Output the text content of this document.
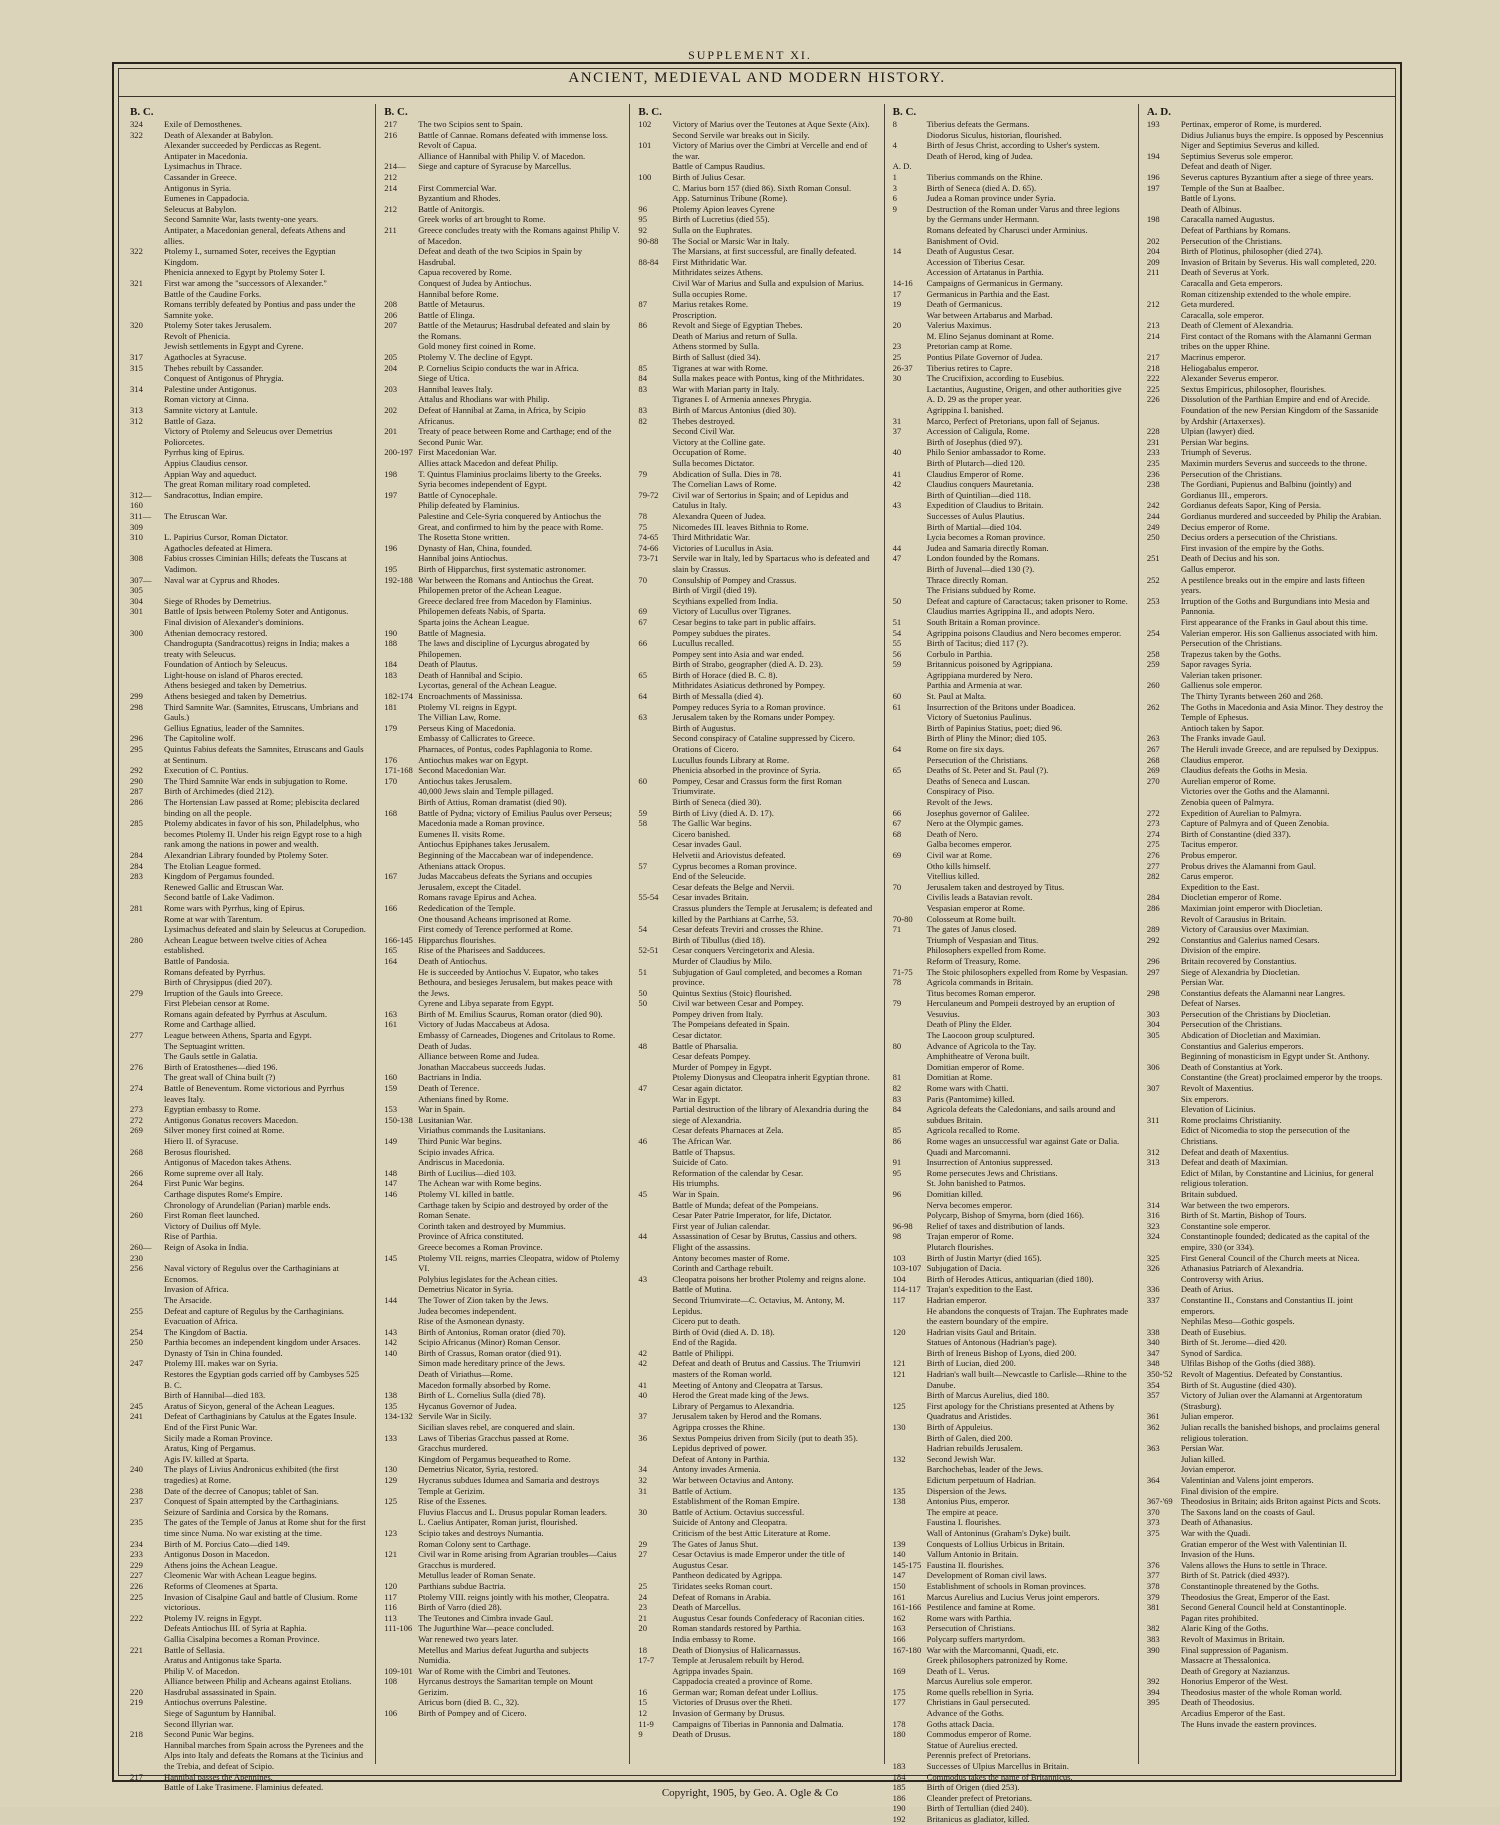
SUPPLEMENT XI.
ANCIENT, MEDIEVAL AND MODERN HISTORY.
B. C.
324	Exile of Demosthenes.
322	Death of Alexander at Babylon.
Alexander succeeded by Perdiccas as Regent.
Antipater in Macedonia.
Lysimachus in Thrace.
Cassander in Greece.
Antigonus in Syria.
Eumenes in Cappadocia.
Seleucus at Babylon.
Second Samnite War, lasts twenty-one years.
Antipater, a Macedonian general, defeats Athens and allies.
322	Ptolemy I., surnamed Soter, receives the Egyptian Kingdom.
Phenicia annexed to Egypt by Ptolemy Soter I.
321	First war among the "successors of Alexander."
Battle of the Caudine Forks.
Romans terribly defeated by Pontius and pass under the Samnite yoke.
320	Ptolemy Soter takes Jerusalem.
Revolt of Phenicia.
Jewish settlements in Egypt and Cyrene.
317	Agathocles at Syracuse.
315	Thebes rebuilt by Cassander.
Conquest of Antigonus of Phrygia.
314	Palestine under Antigonus.
Roman victory at Cinna.
313	Samnite victory at Lantule.
312	Battle of Gaza.
Victory of Ptolemy and Seleucus over Demetrius Poliorcetes.
Pyrrhus king of Epirus.
Appius Claudius censor.
Appian Way and aqueduct.
The great Roman military road completed.
312—160
Sandracottus, Indian empire.
311—309
The Etruscan War.
310	L. Papirius Cursor, Roman Dictator.
Agathocles defeated at Himera.
308	Fabius crosses Ciminian Hills; defeats the Tuscans at Vadimon.
307—305
Naval war at Cyprus and Rhodes.
304	Siege of Rhodes by Demetrius.
301	Battle of Ipsis between Ptolemy Soter and Antigonus.
Final division of Alexander's dominions.
300	Athenian democracy restored.
Chandrogupta (Sandracottus) reigns in India; makes a treaty with Seleucus.
Foundation of Antioch by Seleucus.
Light-house on island of Pharos erected.
Athens besieged and taken by Demetrius.
299	Athens besieged and taken by Demetrius.
298	Third Samnite War. (Samnites, Etruscans, Umbrians and Gauls.)
Gellius Egnatius, leader of the Samnites.
296	The Capitoline wolf.
295	Quintus Fabius defeats the Samnites, Etruscans and Gauls at Sentinum.
292	Execution of C. Pontius.
290	The Third Samnite War ends in subjugation to Rome.
287	Birth of Archimedes (died 212).
286	The Hortensian Law passed at Rome; plebiscita declared binding on all the people.
285	Ptolemy abdicates in favor of his son, Philadelphus, who becomes Ptolemy II. Under his reign Egypt rose to a high rank among the nations in power and wealth.
284	Alexandrian Library founded by Ptolemy Soter.
284	The Etolian League formed.
283	Kingdom of Pergamus founded.
Renewed Gallic and Etruscan War.
Second battle of Lake Vadimon.
281	Rome wars with Pyrrhus, king of Epirus.
Rome at war with Tarentum.
Lysimachus defeated and slain by Seleucus at Corupedion.
280	Achean League between twelve cities of Achea established.
Battle of Pandosia.
Romans defeated by Pyrrhus.
Birth of Chrysippus (died 207).
279	Irruption of the Gauls into Greece.
First Plebeian censor at Rome.
Romans again defeated by Pyrrhus at Asculum.
Rome and Carthage allied.
277	League between Athens, Sparta and Egypt.
The Septuagint written.
The Gauls settle in Galatia.
276	Birth of Eratosthenes—died 196.
The great wall of China built (?)
274	Battle of Beneventum. Rome victorious and Pyrrhus leaves Italy.
273	Egyptian embassy to Rome.
272	Antigonus Gonatus recovers Macedon.
269	Silver money first coined at Rome.
Hiero II. of Syracuse.
268	Berosus flourished.
Antigonus of Macedon takes Athens.
266	Rome supreme over all Italy.
264	First Punic War begins.
Carthage disputes Rome's Empire.
Chronology of Arundelian (Parian) marble ends.
260	First Roman fleet launched.
Victory of Duilius off Myle.
Rise of Parthia.
260—230
Reign of Asoka in India.
256	Naval victory of Regulus over the Carthaginians at Ecnomos.
Invasion of Africa.
The Arsacide.
255	Defeat and capture of Regulus by the Carthaginians.
Evacuation of Africa.
254	The Kingdom of Bactia.
250	Parthia becomes an independent kingdom under Arsaces.
Dynasty of Tsin in China founded.
247	Ptolemy III. makes war on Syria.
Restores the Egyptian gods carried off by Cambyses 525 B. C.
Birth of Hannibal—died 183.
245	Aratus of Sicyon, general of the Achean Leagues.
241	Defeat of Carthaginians by Catulus at the Egates Insule.
End of the First Punic War.
Sicily made a Roman Province.
Aratus, King of Pergamus.
Agis IV. killed at Sparta.
240	The plays of Livius Andronicus exhibited (the first tragedies) at Rome.
238	Date of the decree of Canopus; tablet of San.
237	Conquest of Spain attempted by the Carthaginians.
Seizure of Sardinia and Corsica by the Romans.
235	The gates of the Temple of Janus at Rome shut for the first time since Numa. No war existing at the time.
234	Birth of M. Porcius Cato—died 149.
233	Antigonus Doson in Macedon.
229	Athens joins the Achean League.
227	Cleomenic War with Achean League begins.
226	Reforms of Cleomenes at Sparta.
225	Invasion of Cisalpine Gaul and battle of Clusium. Rome victorious.
222	Ptolemy IV. reigns in Egypt.
Defeats Antiochus III. of Syria at Raphia.
Gallia Cisalpina becomes a Roman Province.
221	Battle of Sellasia.
Aratus and Antigonus take Sparta.
Philip V. of Macedon.
Alliance between Philip and Acheans against Etolians.
220	Hasdrubal assassinated in Spain.
219	Antiochus overruns Palestine.
Siege of Saguntum by Hannibal.
Second Illyrian war.
218	Second Punic War begins.
Hannibal marches from Spain across the Pyrenees and the Alps into Italy and defeats the Romans at the Ticinius and the Trebia, and defeat of Scipio.
217	Hannibal passes the Apennines.
Battle of Lake Trasimene. Flaminius defeated.
B. C.
217	The two Scipios sent to Spain.
216	Battle of Cannae. Romans defeated with immense loss.
Revolt of Capua.
Alliance of Hannibal with Philip V. of Macedon.
214—212
Siege and capture of Syracuse by Marcellus.
214	First Commercial War.
Byzantium and Rhodes.
212	Battle of Anitorgis.
Greek works of art brought to Rome.
211	Greece concludes treaty with the Romans against Philip V. of Macedon.
Defeat and death of the two Scipios in Spain by Hasdrubal.
Capua recovered by Rome.
Conquest of Judea by Antiochus.
Hannibal before Rome.
208	Battle of Metaurus.
206	Battle of Elinga.
207	Battle of the Metaurus; Hasdrubal defeated and slain by the Romans.
Gold money first coined in Rome.
205	Ptolemy V. The decline of Egypt.
204	P. Cornelius Scipio conducts the war in Africa.
Siege of Utica.
203	Hannibal leaves Italy.
Attalus and Rhodians war with Philip.
202	Defeat of Hannibal at Zama, in Africa, by Scipio Africanus.
201	Treaty of peace between Rome and Carthage; end of the Second Punic War.
200-197 First Macedonian War.
Allies attack Macedon and defeat Philip.
198	T. Quintus Flaminius proclaims liberty to the Greeks.
Syria becomes independent of Egypt.
197	Battle of Cynocephale.
Philip defeated by Flaminius.
Palestine and Cele-Syria conquered by Antiochus the Great, and confirmed to him by the peace with Rome.
The Rosetta Stone written.
196	Dynasty of Han, China, founded.
Hannibal joins Antiochus.
195	Birth of Hipparchus, first systematic astronomer.
192-188 War between the Romans and Antiochus the Great.
Philopemen pretor of the Achean League.
Greece declared free from Macedon by Flaminius.
Philopemen defeats Nabis, of Sparta.
Sparta joins the Achean League.
190	Battle of Magnesia.
188	The laws and discipline of Lycurgus abrogated by Philopemen.
184	Death of Plautus.
183	Death of Hannibal and Scipio.
Lycortas, general of the Achean League.
182-174 Encroachments of Massinissa.
181	Ptolemy VI. reigns in Egypt.
The Villian Law, Rome.
179	Perseus King of Macedonia.
Embassy of Callicrates to Greece.
Pharnaces, of Pontus, codes Paphlagonia to Rome.
176	Antiochus makes war on Egypt.
171-168 Second Macedonian War.
170	Antiochus takes Jerusalem.
40,000 Jews slain and Temple pillaged.
Birth of Attius, Roman dramatist (died 90).
168	Battle of Pydna; victory of Emilius Paulus over Perseus; Macedonia made a Roman province.
Eumenes II. visits Rome.
Antiochus Epiphanes takes Jerusalem.
Beginning of the Maccabean war of independence.
Athenians attack Oropus.
167	Judas Maccabeus defeats the Syrians and occupies Jerusalem, except the Citadel.
Romans ravage Epirus and Achea.
166	Rededication of the Temple.
One thousand Acheans imprisoned at Rome.
First comedy of Terence performed at Rome.
166-145 Hipparchus flourishes.
165	Rise of the Pharisees and Sadducees.
164	Death of Antiochus.
He is succeeded by Antiochus V. Eupator, who takes Bethoura, and besieges Jerusalem, but makes peace with the Jews.
Cyrene and Libya separate from Egypt.
163	Birth of M. Emilius Scaurus, Roman orator (died 90).
161	Victory of Judas Maccabeus at Adosa.
Embassy of Carneades, Diogenes and Critolaus to Rome.
Death of Judas.
Alliance between Rome and Judea.
Jonathan Maccabeus succeeds Judas.
160	Bactrians in India.
159	Death of Terence.
Athenians fined by Rome.
153	War in Spain.
150-138 Lusitanian War.
Viriathus commands the Lusitanians.
149	Third Punic War begins.
Scipio invades Africa.
Andriscus in Macedonia.
148	Birth of Lucilius—died 103.
147	The Achean war with Rome begins.
146	Ptolemy VI. killed in battle.
Carthage taken by Scipio and destroyed by order of the Roman Senate.
Corinth taken and destroyed by Mummius.
Province of Africa constituted.
Greece becomes a Roman Province.
145	Ptolemy VII. reigns, marries Cleopatra, widow of Ptolemy VI.
Polybius legislates for the Achean cities.
Demetrius Nicator in Syria.
144	The Tower of Zion taken by the Jews.
Judea becomes independent.
Rise of the Asmonean dynasty.
143	Birth of Antonius, Roman orator (died 70).
142	Scipio Africanus (Minor) Roman Censor.
140	Birth of Crassus, Roman orator (died 91).
Simon made hereditary prince of the Jews.
Death of Viriathus—Rome.
Macedon formally absorbed by Rome.
138	Birth of L. Cornelius Sulla (died 78).
135	Hycanus Governor of Judea.
134-132 Servile War in Sicily.
Sicilian slaves rebel, are conquered and slain.
133	Laws of Tiberias Gracchus passed at Rome.
Gracchus murdered.
Kingdom of Pergamus bequeathed to Rome.
130	Demetrius Nicator, Syria, restored.
129	Hycranus subdues Idumea and Samaria and destroys Temple at Gerizim.
125	Rise of the Essenes.
Fluvius Flaccus and L. Drusus popular Roman leaders.
L. Caelius Antipater, Roman jurist, flourished.
123	Scipio takes and destroys Numantia.
Roman Colony sent to Carthage.
121	Civil war in Rome arising from Agrarian troubles—Caius Gracchus is murdered.
Metullus leader of Roman Senate.
120	Parthians subdue Bactria.
117	Ptolemy VIII. reigns jointly with his mother, Cleopatra.
116	Birth of Varro (died 28).
113	The Teutones and Cimbra invade Gaul.
111-106 The Jugurthine War—peace concluded.
War renewed two years later.
Metellus and Marius defeat Jugurtha and subjects Numidia.
109-101 War of Rome with the Cimbri and Teutones.
108	Hyrcanus destroys the Samaritan temple on Mount Gerizim.
Atricus born (died B. C., 32).
106	Birth of Pompey and of Cicero.
B. C.
102	Victory of Marius over the Teutones at Aque Sexte (Aix).
Second Servile war breaks out in Sicily.
101	Victory of Marius over the Cimbri at Vercelle and end of the war.
Battle of Campus Raudius.
100	Birth of Julius Cesar.
C. Marius born 157 (died 86). Sixth Roman Consul.
App. Saturninus Tribune (Rome).
96	Ptolemy Apion leaves Cyrene
95	Birth of Lucretius (died 55).
92	Sulla on the Euphrates.
90-88	The Social or Marsic War in Italy.
The Marsians, at first successful, are finally defeated.
88-84	First Mithridatic War.
Mithridates seizes Athens.
Civil War of Marius and Sulla and expulsion of Marius.
Sulla occupies Rome.
87	Marius retakes Rome.
Proscription.
86	Revolt and Siege of Egyptian Thebes.
Death of Marius and return of Sulla.
Athens stormed by Sulla.
Birth of Sallust (died 34).
85	Tigranes at war with Rome.
84	Sulla makes peace with Pontus, king of the Mithridates.
83	War with Marian party in Italy.
Tigranes I. of Armenia annexes Phrygia.
83	Birth of Marcus Antonius (died 30).
82	Thebes destroyed.
Second Civil War.
Victory at the Colline gate.
Occupation of Rome.
Sulla becomes Dictator.
79	Abdication of Sulla. Dies in 78.
The Cornelian Laws of Rome.
79-72	Civil war of Sertorius in Spain; and of Lepidus and Catulus in Italy.
78	Alexandra Queen of Judea.
75	Nicomedes III. leaves Bithnia to Rome.
74-65	Third Mithridatic War.
74-66	Victories of Lucullus in Asia.
73-71	Servile war in Italy, led by Spartacus who is defeated and slain by Crassus.
70	Consulship of Pompey and Crassus.
Birth of Virgil (died 19).
Scythians expelled from India.
69	Victory of Lucullus over Tigranes.
67	Cesar begins to take part in public affairs.
Pompey subdues the pirates.
66	Lucullus recalled.
Pompey sent into Asia and war ended.
Birth of Strabo, geographer (died A. D. 23).
65	Birth of Horace (died B. C. 8).
Mithridates Asiaticus dethroned by Pompey.
64	Birth of Messalla (died 4).
Pompey reduces Syria to a Roman province.
63	Jerusalem taken by the Romans under Pompey.
Birth of Augustus.
Second conspiracy of Cataline suppressed by Cicero.
Orations of Cicero.
Lucullus founds Library at Rome.
Phenicia absorbed in the province of Syria.
60	Pompey, Cesar and Crassus form the first Roman Triumvirate.
Birth of Seneca (died 30).
59	Birth of Livy (died A. D. 17).
58	The Gallic War begins.
Cicero banished.
Cesar invades Gaul.
Helvetii and Ariovistus defeated.
57	Cyprus becomes a Roman province.
End of the Seleucide.
Cesar defeats the Belge and Nervii.
55-54	Cesar invades Britain.
Crassus plunders the Temple at Jerusalem; is defeated and killed by the Parthians at Carrhe, 53.
54	Cesar defeats Treviri and crosses the Rhine.
Birth of Tibullus (died 18).
52-51	Cesar conquers Vercingetorix and Alesia.
Murder of Claudius by Milo.
51	Subjugation of Gaul completed, and becomes a Roman province.
50	Quintus Sextius (Stoic) flourished.
50	Civil war between Cesar and Pompey.
Pompey driven from Italy.
The Pompeians defeated in Spain.
Cesar dictator.
48	Battle of Pharsalia.
Cesar defeats Pompey.
Murder of Pompey in Egypt.
Ptolemy Dionysus and Cleopatra inherit Egyptian throne.
47	Cesar again dictator.
War in Egypt.
Partial destruction of the library of Alexandria during the siege of Alexandria.
Cesar defeats Pharnaces at Zela.
46	The African War.
Battle of Thapsus.
Suicide of Cato.
Reformation of the calendar by Cesar.
His triumphs.
45	War in Spain.
Battle of Munda; defeat of the Pompeians.
Cesar Pater Patrie Imperator, for life, Dictator.
First year of Julian calendar.
44	Assassination of Cesar by Brutus, Cassius and others. Flight of the assassins.
Antony becomes master of Rome.
Corinth and Carthage rebuilt.
43	Cleopatra poisons her brother Ptolemy and reigns alone.
Battle of Mutina.
Second Triumvirate—C. Octavius, M. Antony, M. Lepidus.
Cicero put to death.
Birth of Ovid (died A. D. 18).
End of the Ragida.
42	Battle of Philippi.
42	Defeat and death of Brutus and Cassius. The Triumviri masters of the Roman world.
41	Meeting of Antony and Cleopatra at Tarsus.
40	Herod the Great made king of the Jews.
Library of Pergamus to Alexandria.
37	Jerusalem taken by Herod and the Romans.
Agrippa crosses the Rhine.
36	Sextus Pompeius driven from Sicily (put to death 35).
Lepidus deprived of power.
Defeat of Antony in Parthia.
34	Antony invades Armenia.
32	War between Octavius and Antony.
31	Battle of Actium.
Establishment of the Roman Empire.
30	Battle of Actium. Octavius successful.
Suicide of Antony and Cleopatra.
Criticism of the best Attic Literature at Rome.
29	The Gates of Janus Shut.
27	Cesar Octavius is made Emperor under the title of Augustus Cesar.
Pantheon dedicated by Agrippa.
25	Tiridates seeks Roman court.
24	Defeat of Romans in Arabia.
23	Death of Marcellus.
21	Augustus Cesar founds Confederacy of Raconian cities.
20	Roman standards restored by Parthia.
India embassy to Rome.
18	Death of Dionysius of Halicarnassus.
17-7	Temple at Jerusalem rebuilt by Herod.
Agrippa invades Spain.
Cappadocia created a province of Rome.
16	German war; Roman defeat under Lollius.
15	Victories of Drusus over the Rheti.
12	Invasion of Germany by Drusus.
11-9	Campaigns of Tiberias in Pannonia and Dalmatia.
9	Death of Drusus.
B. C.
8	Tiberius defeats the Germans.
Diodorus Siculus, historian, flourished.
4	Birth of Jesus Christ, according to Usher's system.
Death of Herod, king of Judea.
A. D.
1	Tiberius commands on the Rhine.
3	Birth of Seneca (died A. D. 65).
6	Judea a Roman province under Syria.
9	Destruction of the Roman under Varus and three legions by the Germans under Hermann.
Romans defeated by Charusci under Arminius.
Banishment of Ovid.
14	Death of Augustus Cesar.
Accession of Tiberius Cesar.
Accession of Artatanus in Parthia.
14-16	Campaigns of Germanicus in Germany.
17	Germanicus in Parthia and the East.
19	Death of Germanicus.
War between Artabarus and Marbad.
20	Valerius Maximus.
M. Elino Sejanus dominant at Rome.
23	Pretorian camp at Rome.
25	Pontius Pilate Governor of Judea.
26-37	Tiberius retires to Capre.
30	The Crucifixion, according to Eusebius.
Lactantius, Augustine, Origen, and other authorities give A. D. 29 as the proper year.
Agrippina I. banished.
31	Marco, Perfect of Pretorians, upon fall of Sejanus.
37	Accession of Caligula, Rome.
Birth of Josephus (died 97).
40	Philo Senior ambassador to Rome.
Birth of Plutarch—died 120.
41	Claudius Emperor of Rome.
42	Claudius conquers Mauretania.
Birth of Quintilian—died 118.
43	Expedition of Claudius to Britain.
Successes of Aulus Plautius.
Birth of Martial—died 104.
Lycia becomes a Roman province.
44	Judea and Samaria directly Roman.
47	London founded by the Romans.
Birth of Juvenal—died 130 (?).
Thrace directly Roman.
The Frisians subdued by Rome.
50	Defeat and capture of Caractacus; taken prisoner to Rome.
Claudius marries Agrippina II., and adopts Nero.
51	South Britain a Roman province.
54	Agrippina poisons Claudius and Nero becomes emperor.
55	Birth of Tacitus; died 117 (?).
56	Corbulo in Parthia.
59	Britannicus poisoned by Agrippiana.
Agrippiana murdered by Nero.
Parthia and Armenia at war.
60	St. Paul at Malta.
61	Insurrection of the Britons under Boadicea.
Victory of Suetonius Paulinus.
Birth of Papinius Statius, poet; died 96.
Birth of Pliny the Minor; died 105.
64	Rome on fire six days.
Persecution of the Christians.
65	Deaths of St. Peter and St. Paul (?).
Deaths of Seneca and Luscan.
Conspiracy of Piso.
Revolt of the Jews.
66	Josephus governor of Galilee.
67	Nero at the Olympic games.
68	Death of Nero.
Galba becomes emperor.
69	Civil war at Rome.
Otho kills himself.
Vitellius killed.
70	Jerusalem taken and destroyed by Titus.
Civilis leads a Batavian revolt.
Vespasian emperor at Rome.
70-80	Colosseum at Rome built.
71	The gates of Janus closed.
Triumph of Vespasian and Titus.
Philosophers expelled from Rome.
Reform of Treasury, Rome.
71-75	The Stoic philosophers expelled from Rome by Vespasian.
78	Agricola commands in Britain.
Titus becomes Roman emperor.
79	Herculaneum and Pompeii destroyed by an eruption of Vesuvius.
Death of Pliny the Elder.
The Laocoon group sculptured.
80	Advance of Agricola to the Tay.
Amphitheatre of Verona built.
Domitian emperor of Rome.
81	Domitian at Rome.
82	Rome wars with Chatti.
83	Paris (Pantomime) killed.
84	Agricola defeats the Caledonians, and sails around and subdues Britain.
85	Agricola recalled to Rome.
86	Rome wages an unsuccessful war against Gate or Dalia.
Quadi and Marcomanni.
91	Insurrection of Antonius suppressed.
95	Rome persecutes Jews and Christians.
St. John banished to Patmos.
96	Domitian killed.
Nerva becomes emperor.
Polycarp, Bishop of Smyrna, born (died 166).
96-98	Relief of taxes and distribution of lands.
98	Trajan emperor of Rome.
Plutarch flourishes.
103	Birth of Justin Martyr (died 165).
103-107 Subjugation of Dacia.
104	Birth of Herodes Atticus, antiquarian (died 180).
114-117 Trajan's expedition to the East.
117	Hadrian emperor.
He abandons the conquests of Trajan. The Euphrates made the eastern boundary of the empire.
120	Hadrian visits Gaul and Britain.
Statues of Antonous (Hadrian's page).
Birth of Ireneus Bishop of Lyons, died 200.
121	Birth of Lucian, died 200.
121	Hadrian's wall built—Newcastle to Carlisle—Rhine to the Danube.
Birth of Marcus Aurelius, died 180.
125	First apology for the Christians presented at Athens by Quadratus and Aristides.
130	Birth of Appuleius.
Birth of Galen, died 200.
Hadrian rebuilds Jerusalem.
132	Second Jewish War.
Barchochebas, leader of the Jews.
Edictum perpetuum of Hadrian.
135	Dispersion of the Jews.
138	Antonius Pius, emperor.
The empire at peace.
Faustina I. flourishes.
Wall of Antoninus (Graham's Dyke) built.
139	Conquests of Lollius Urbicus in Britain.
140	Vallum Antonio in Britain.
145-175 Faustina II. flourishes.
147	Development of Roman civil laws.
150	Establishment of schools in Roman provinces.
161	Marcus Aurelius and Lucius Verus joint emperors.
161-166 Pestilence and famine at Rome.
162	Rome wars with Parthia.
163	Persecution of Christians.
166	Polycarp suffers martyrdom.
167-180 War with the Marcomanni, Quadi, etc.
Greek philosophers patronized by Rome.
169	Death of L. Verus.
Marcus Aurelius sole emperor.
175	Rome quells rebellion in Syria.
177	Christians in Gaul persecuted.
Advance of the Goths.
178	Goths attack Dacia.
180	Commodus emperor of Rome.
Statue of Aurelius erected.
Perennis prefect of Pretorians.
183	Successes of Ulpius Marcellus in Britain.
184	Commodus takes the name of Britannicus.
185	Birth of Origen (died 253).
186	Cleander prefect of Pretorians.
190	Birth of Tertullian (died 240).
192	Britanicus as gladiator, killed.
A. D.
193	Pertinax, emperor of Rome, is murdered.
Didius Julianus buys the empire. Is opposed by Pescennius Niger and Septimius Severus and killed.
194	Septimius Severus sole emperor.
Defeat and death of Niger.
196	Severus captures Byzantium after a siege of three years.
197	Temple of the Sun at Baalbec.
Battle of Lyons.
Death of Albinus.
198	Caracalla named Augustus.
Defeat of Parthians by Romans.
202	Persecution of the Christians.
204	Birth of Plotinus, philosopher (died 274).
209	Invasion of Britain by Severus. His wall completed, 220.
211	Death of Severus at York.
Caracalla and Geta emperors.
Roman citizenship extended to the whole empire.
212	Geta murdered.
Caracalla, sole emperor.
213	Death of Clement of Alexandria.
214	First contact of the Romans with the Alamanni German tribes on the upper Rhine.
217	Macrinus emperor.
218	Heliogabalus emperor.
222	Alexander Severus emperor.
225	Sextus Empiricus, philosopher, flourishes.
226	Dissolution of the Parthian Empire and end of Arecide.
Foundation of the new Persian Kingdom of the Sassanide by Ardshir (Artaxerxes).
228	Ulpian (lawyer) died.
231	Persian War begins.
233	Triumph of Severus.
235	Maximin murders Severus and succeeds to the throne.
236	Persecution of the Christians.
238	The Gordiani, Pupienus and Balbinu (jointly) and Gordianus III., emperors.
242	Gordianus defeats Sapor, King of Persia.
244	Gordianus murdered and succeeded by Philip the Arabian.
249	Decius emperor of Rome.
250	Decius orders a persecution of the Christians.
First invasion of the empire by the Goths.
251	Death of Decius and his son.
Gallus emperor.
252	A pestilence breaks out in the empire and lasts fifteen years.
253	Irruption of the Goths and Burgundians into Mesia and Pannonia.
First appearance of the Franks in Gaul about this time.
254	Valerian emperor. His son Gallienus associated with him.
Persecution of the Christians.
258	Trapezus taken by the Goths.
259	Sapor ravages Syria.
Valerian taken prisoner.
260	Gallienus sole emperor.
The Thirty Tyrants between 260 and 268.
262	The Goths in Macedonia and Asia Minor. They destroy the Temple of Ephesus.
Antioch taken by Sapor.
263	The Franks invade Gaul.
267	The Heruli invade Greece, and are repulsed by Dexippus.
268	Claudius emperor.
269	Claudius defeats the Goths in Mesia.
270	Aurelian emperor of Rome.
Victories over the Goths and the Alamanni.
Zenobia queen of Palmyra.
272	Expedition of Aurelian to Palmyra.
273	Capture of Palmyra and of Queen Zenobia.
274	Birth of Constantine (died 337).
275	Tacitus emperor.
276	Probus emperor.
277	Probus drives the Alamanni from Gaul.
282	Carus emperor.
Expedition to the East.
284	Diocletian emperor of Rome.
286	Maximian joint emperor with Diocletian.
Revolt of Carausius in Britain.
289	Victory of Carausius over Maximian.
292	Constantius and Galerius named Cesars.
Division of the empire.
296	Britain recovered by Constantius.
297	Siege of Alexandria by Diocletian.
Persian War.
298	Constantius defeats the Alamanni near Langres.
Defeat of Narses.
303	Persecution of the Christians by Diocletian.
304	Persecution of the Christians.
305	Abdication of Diocletian and Maximian.
Constantius and Galerius emperors.
Beginning of monasticism in Egypt under St. Anthony.
306	Death of Constantius at York.
Constantine (the Great) proclaimed emperor by the troops.
307	Revolt of Maxentius.
Six emperors.
Elevation of Licinius.
311	Rome proclaims Christianity.
Edict of Nicomedia to stop the persecution of the Christians.
312	Defeat and death of Maxentius.
313	Defeat and death of Maximian.
Edict of Milan, by Constantine and Licinius, for general religious toleration.
Britain subdued.
314	War between the two emperors.
316	Birth of St. Martin, Bishop of Tours.
323	Constantine sole emperor.
324	Constantinople founded; dedicated as the capital of the empire, 330 (or 334).
325	First General Council of the Church meets at Nicea.
326	Athanasius Patriarch of Alexandria.
Controversy with Arius.
336	Death of Arius.
337	Constantine II., Constans and Constantius II. joint emperors.
Nephilas Meso—Gothic gospels.
338	Death of Eusebius.
340	Birth of St. Jerome—died 420.
347	Synod of Sardica.
348	Ulfilas Bishop of the Goths (died 388).
350-'52 Revolt of Magentius. Defeated by Constantius.
354	Birth of St. Augustine (died 430).
357	Victory of Julian over the Alamanni at Argentoratum (Strasburg).
361	Julian emperor.
362	Julian recalls the banished bishops, and proclaims general religious toleration.
363	Persian War.
Julian killed.
Jovian emperor.
364	Valentinian and Valens joint emperors.
Final division of the empire.
367-'69 Theodosius in Britain; aids Briton against Picts and Scots.
370	The Saxons land on the coasts of Gaul.
373	Death of Athanasius.
375	War with the Quadi.
Gratian emperor of the West with Valentinian II.
Invasion of the Huns.
376	Valens allows the Huns to settle in Thrace.
377	Birth of St. Patrick (died 493?).
378	Constantinople threatened by the Goths.
379	Theodosius the Great, Emperor of the East.
381	Second General Council held at Constantinople.
Pagan rites prohibited.
382	Alaric King of the Goths.
383	Revolt of Maximus in Britain.
390	Final suppression of Paganism.
Massacre at Thessalonica.
Death of Gregory at Nazianzus.
392	Honorius Emperor of the West.
394	Theodosius master of the whole Roman world.
395	Death of Theodosius.
Arcadius Emperor of the East.
The Huns invade the eastern provinces.
Copyright, 1905, by Geo. A. Ogle & Co
